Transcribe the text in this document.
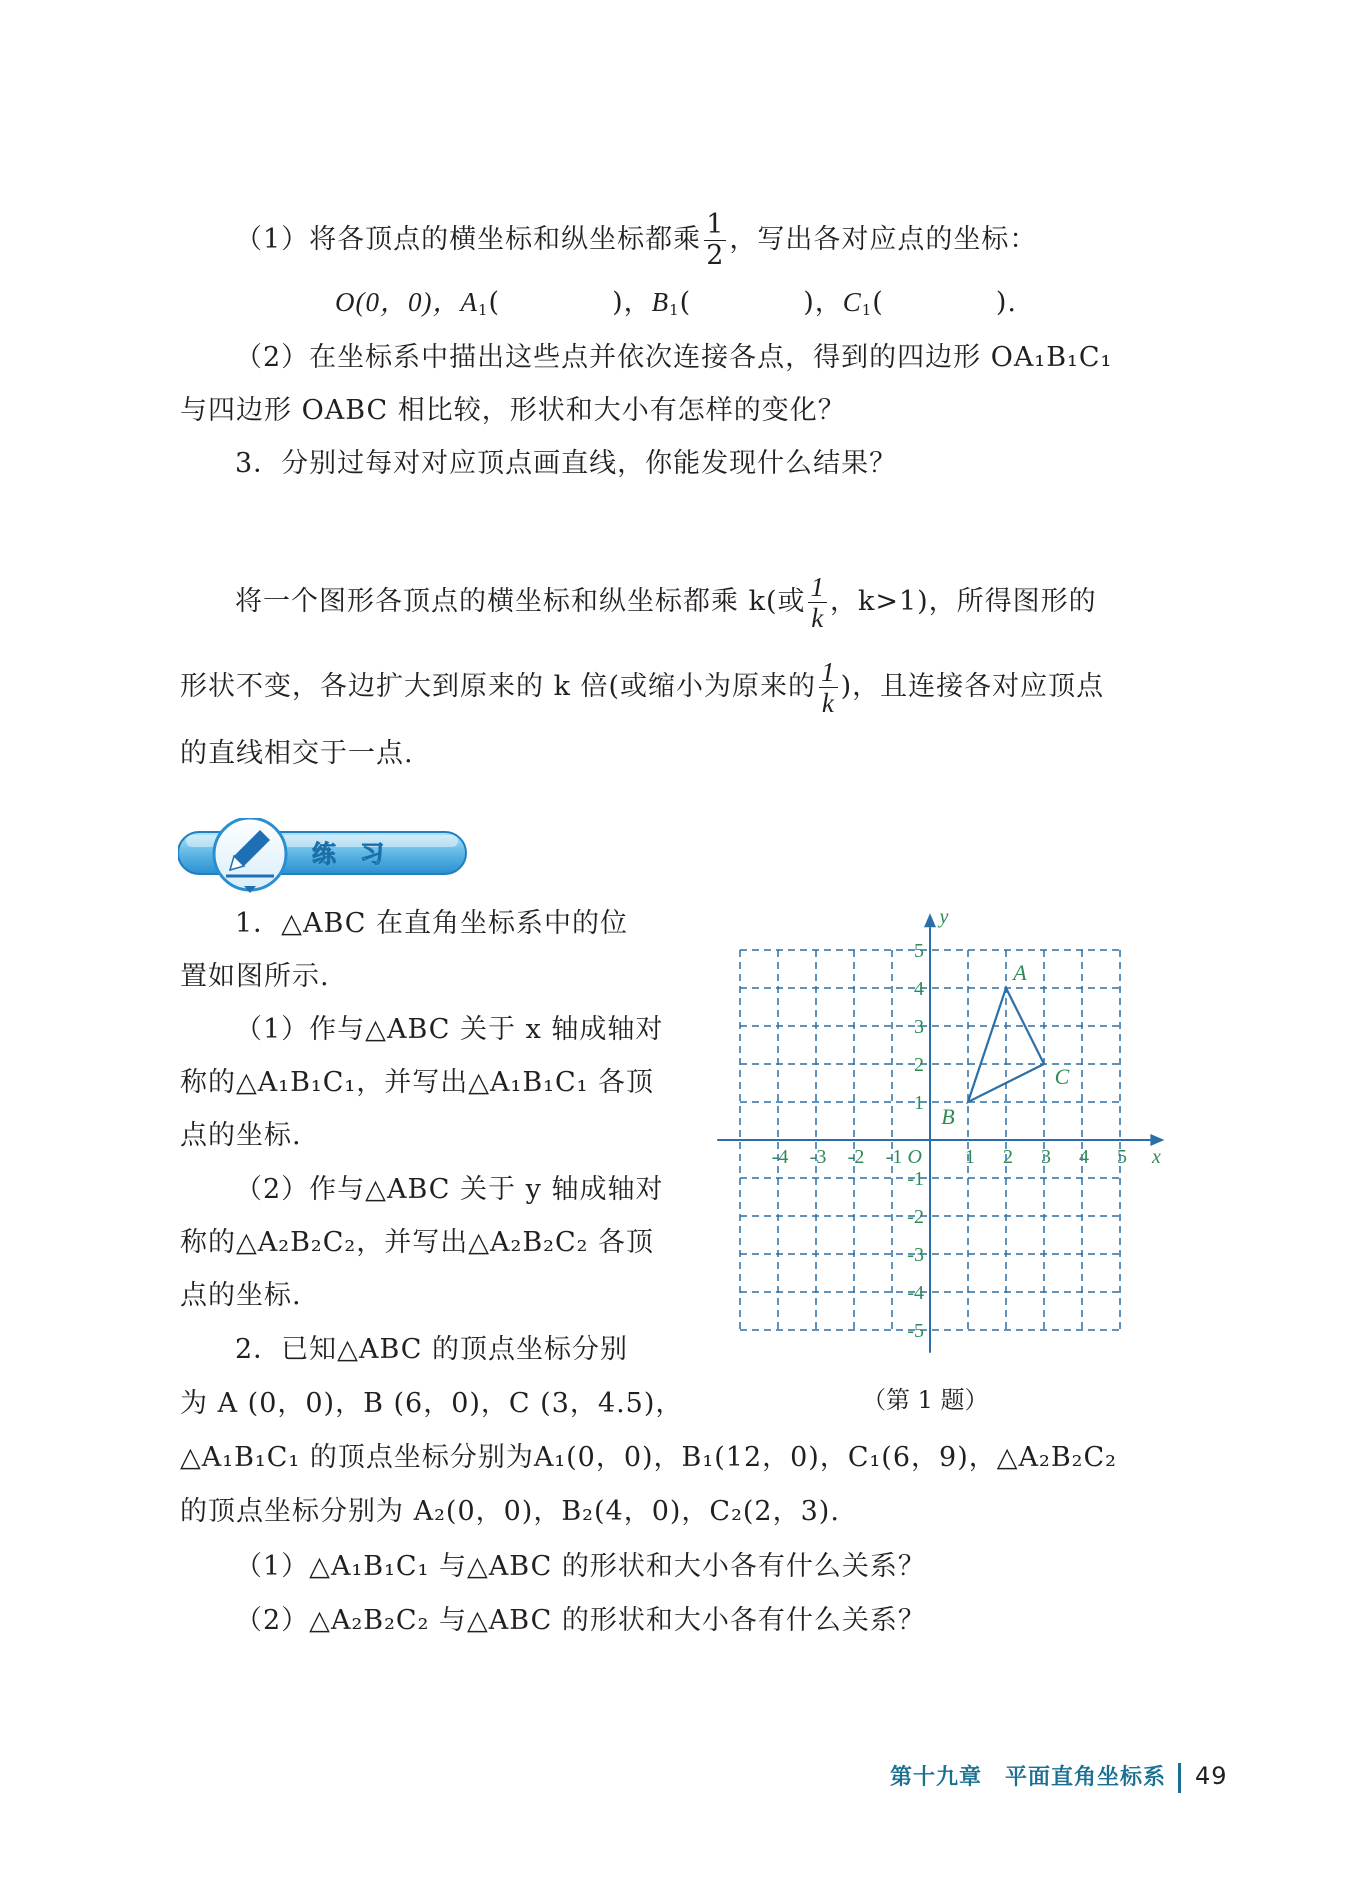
（1）将各顶点的横坐标和纵坐标都乘 $\frac{1}{2}$ ，写出各对应点的坐标：
O(0，0)，$A_1$(　　　　)，$B_1$(　　　　)，$C_1$(　　　　).
（2）在坐标系中描出这些点并依次连接各点，得到的四边形 OA₁B₁C₁
与四边形 OABC 相比较，形状和大小有怎样的变化？
3．分别过每对对应顶点画直线，你能发现什么结果？
将一个图形各顶点的横坐标和纵坐标都乘 k(或 $\frac{1}{k}$ ，k>1)，所得图形的
形状不变，各边扩大到原来的 k 倍(或缩小为原来的 $\frac{1}{k}$ )，且连接各对应顶点
的直线相交于一点.
练　习
1．△ABC 在直角坐标系中的位
置如图所示.
（1）作与△ABC 关于 x 轴成轴对
称的△A₁B₁C₁，并写出△A₁B₁C₁ 各顶
点的坐标.
（2）作与△ABC 关于 y 轴成轴对
称的△A₂B₂C₂，并写出△A₂B₂C₂ 各顶
点的坐标.
2．已知△ABC 的顶点坐标分别
为 A (0，0)，B (6，0)，C (3，4.5)，
△A₁B₁C₁ 的顶点坐标分别为A₁(0，0)，B₁(12，0)，C₁(6，9)，△A₂B₂C₂
的顶点坐标分别为 A₂(0，0)，B₂(4，0)，C₂(2，3).
（1）△A₁B₁C₁ 与△ABC 的形状和大小各有什么关系？
（2）△A₂B₂C₂ 与△ABC 的形状和大小各有什么关系？
-4 -3 -2 -1	1 2 3 4 5
5
4
3
2
1
-1
-2
-3
-4
-5
O	x
y
A
B
C
（第 1 题）
第十九章　平面直角坐标系 49
